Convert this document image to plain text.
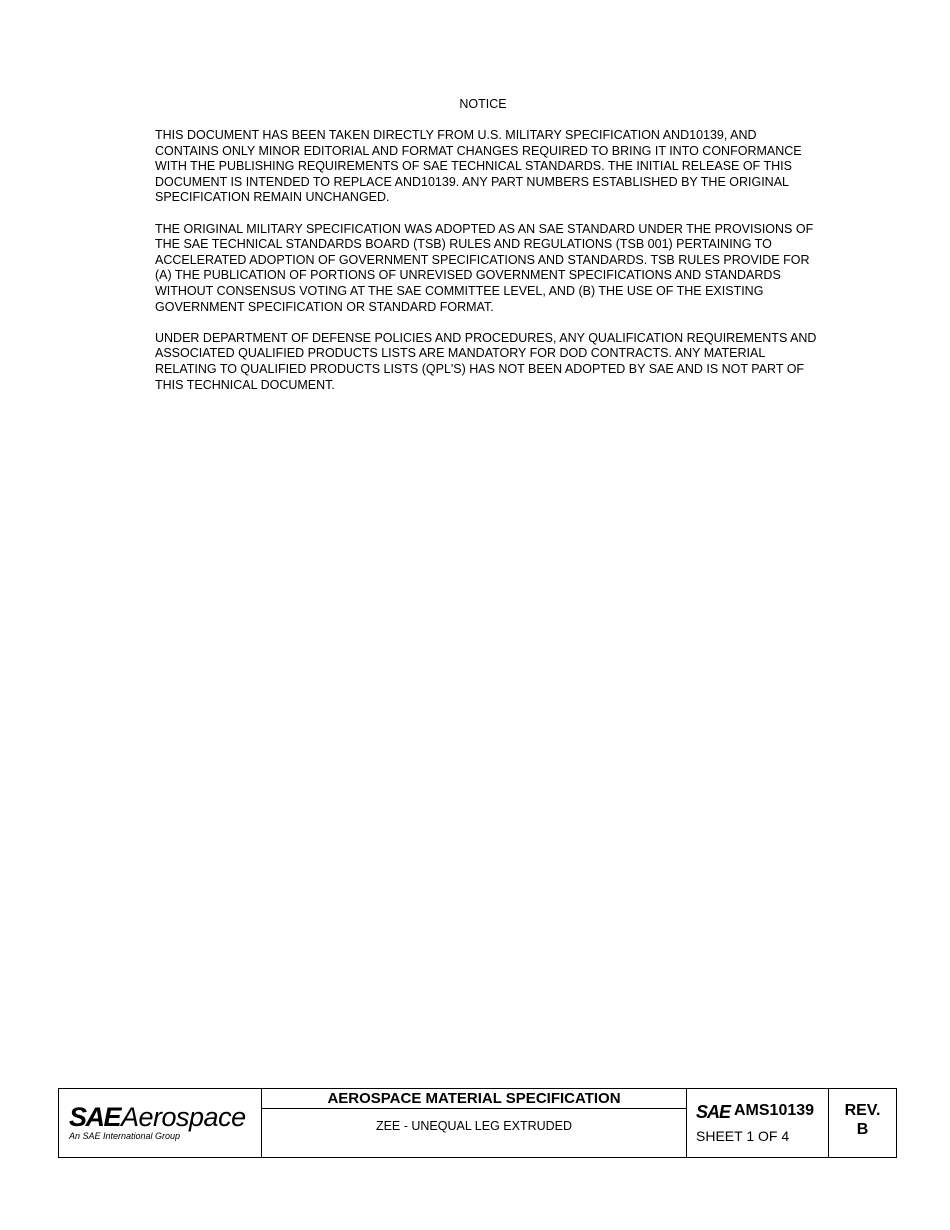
NOTICE

THIS DOCUMENT HAS BEEN TAKEN DIRECTLY FROM U.S. MILITARY SPECIFICATION AND10139, AND
CONTAINS ONLY MINOR EDITORIAL AND FORMAT CHANGES REQUIRED TO BRING IT INTO CONFORMANCE
WITH THE PUBLISHING REQUIREMENTS OF SAE TECHNICAL STANDARDS. THE INITIAL RELEASE OF THIS
DOCUMENT IS INTENDED TO REPLACE AND10139. ANY PART NUMBERS ESTABLISHED BY THE ORIGINAL
SPECIFICATION REMAIN UNCHANGED.

THE ORIGINAL MILITARY SPECIFICATION WAS ADOPTED AS AN SAE STANDARD UNDER THE PROVISIONS OF
THE SAE TECHNICAL STANDARDS BOARD (TSB) RULES AND REGULATIONS (TSB 001) PERTAINING TO
ACCELERATED ADOPTION OF GOVERNMENT SPECIFICATIONS AND STANDARDS. TSB RULES PROVIDE FOR
(A) THE PUBLICATION OF PORTIONS OF UNREVISED GOVERNMENT SPECIFICATIONS AND STANDARDS
WITHOUT CONSENSUS VOTING AT THE SAE COMMITTEE LEVEL, AND (B) THE USE OF THE EXISTING
GOVERNMENT SPECIFICATION OR STANDARD FORMAT.

UNDER DEPARTMENT OF DEFENSE POLICIES AND PROCEDURES, ANY QUALIFICATION REQUIREMENTS AND
ASSOCIATED QUALIFIED PRODUCTS LISTS ARE MANDATORY FOR DOD CONTRACTS. ANY MATERIAL
RELATING TO QUALIFIED PRODUCTS LISTS (QPL'S) HAS NOT BEEN ADOPTED BY SAE AND IS NOT PART OF
THIS TECHNICAL DOCUMENT.

SAE Aerospace
An SAE International Group
AEROSPACE MATERIAL SPECIFICATION
ZEE - UNEQUAL LEG EXTRUDED
SAE AMS10139
SHEET 1 OF 4
REV.
B
